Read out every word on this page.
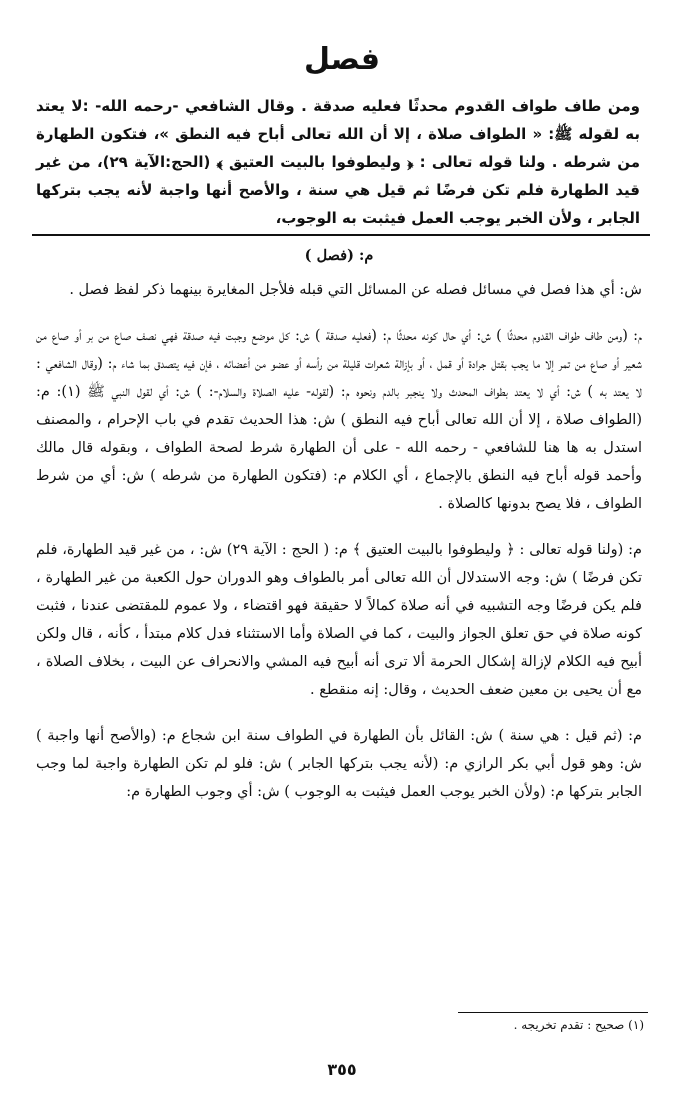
فصل
ومن طاف طواف القدوم محدثًا فعليه صدقة . وقال الشافعي -رحمه الله- :لا يعتد به لقوله ﷺ: « الطواف صلاة ، إلا أن الله تعالى أباح فيه النطق »، فتكون الطهارة من شرطه . ولنا قوله تعالى : ﴿ وليطوفوا بالبيت العتيق ﴾ (الحج:الآية ٢٩)، من غير قيد الطهارة فلم تكن فرضًا ثم قيل هي سنة ، والأصح أنها واجبة لأنه يجب بتركها الجابر ، ولأن الخبر يوجب العمل فيثبت به الوجوب،

م: (فصل )

ش: أي هذا فصل في مسائل فصله عن المسائل التي قبله فلأجل المغايرة بينهما ذكر لفظ فصل .

م: (ومن طاف طواف القدوم محدثًا ) ش: أي حال كونه محدثًا م: (فعليه صدقة ) ش: كل موضع وجبت فيه صدقة فهي نصف صاع من بر أو صاع من شعير أو صاع من تمر إلا ما يجب بقتل جرادة أو قمل ، أو بإزالة شعرات قليلة من رأسه أو عضو من أعضائه ، فإن فيه يتصدق بما شاء م: (وقال الشافعي : لا يعتد به ) ش: أي لا يعتد بطواف المحدث ولا ينجبر بالدم ونحوه م: (لقوله- عليه الصلاة والسلام-: ) ش: أي لقول النبي ﷺ (١): م: (الطواف صلاة ، إلا أن الله تعالى أباح فيه النطق ) ش: هذا الحديث تقدم في باب الإحرام ، والمصنف استدل به ها هنا للشافعي - رحمه الله - على أن الطهارة شرط لصحة الطواف ، وبقوله قال مالك وأحمد قوله أباح فيه النطق بالإجماع ، أي الكلام م: (فتكون الطهارة من شرطه ) ش: أي من شرط الطواف ، فلا يصح بدونها كالصلاة .

م: (ولنا قوله تعالى : ﴿ وليطوفوا بالبيت العتيق ﴾ م: ( الحج : الآية ٢٩) ش: ، من غير قيد الطهارة، فلم تكن فرضًا ) ش: وجه الاستدلال أن الله تعالى أمر بالطواف وهو الدوران حول الكعبة من غير الطهارة ، فلم يكن فرضًا وجه التشبيه في أنه صلاة كمالاً لا حقيقة فهو اقتضاء ، ولا عموم للمقتضى عندنا ، فثبت كونه صلاة في حق تعلق الجواز والبيت ، كما في الصلاة وأما الاستثناء فدل كلام مبتدأ ، كأنه ، قال ولكن أبيح فيه الكلام لإزالة إشكال الحرمة ألا ترى أنه أبيح فيه المشي والانحراف عن البيت ، بخلاف الصلاة ، مع أن يحيى بن معين ضعف الحديث ، وقال: إنه منقطع .

م: (ثم قيل : هي سنة ) ش: القائل بأن الطهارة في الطواف سنة ابن شجاع م: (والأصح أنها واجبة ) ش: وهو قول أبي بكر الرازي م: (لأنه يجب بتركها الجابر ) ش: فلو لم تكن الطهارة واجبة لما وجب الجابر بتركها م: (ولأن الخبر يوجب العمل فيثبت به الوجوب ) ش: أي وجوب الطهارة م:

(١) صحيح : تقدم تخريجه .
٣٥٥
